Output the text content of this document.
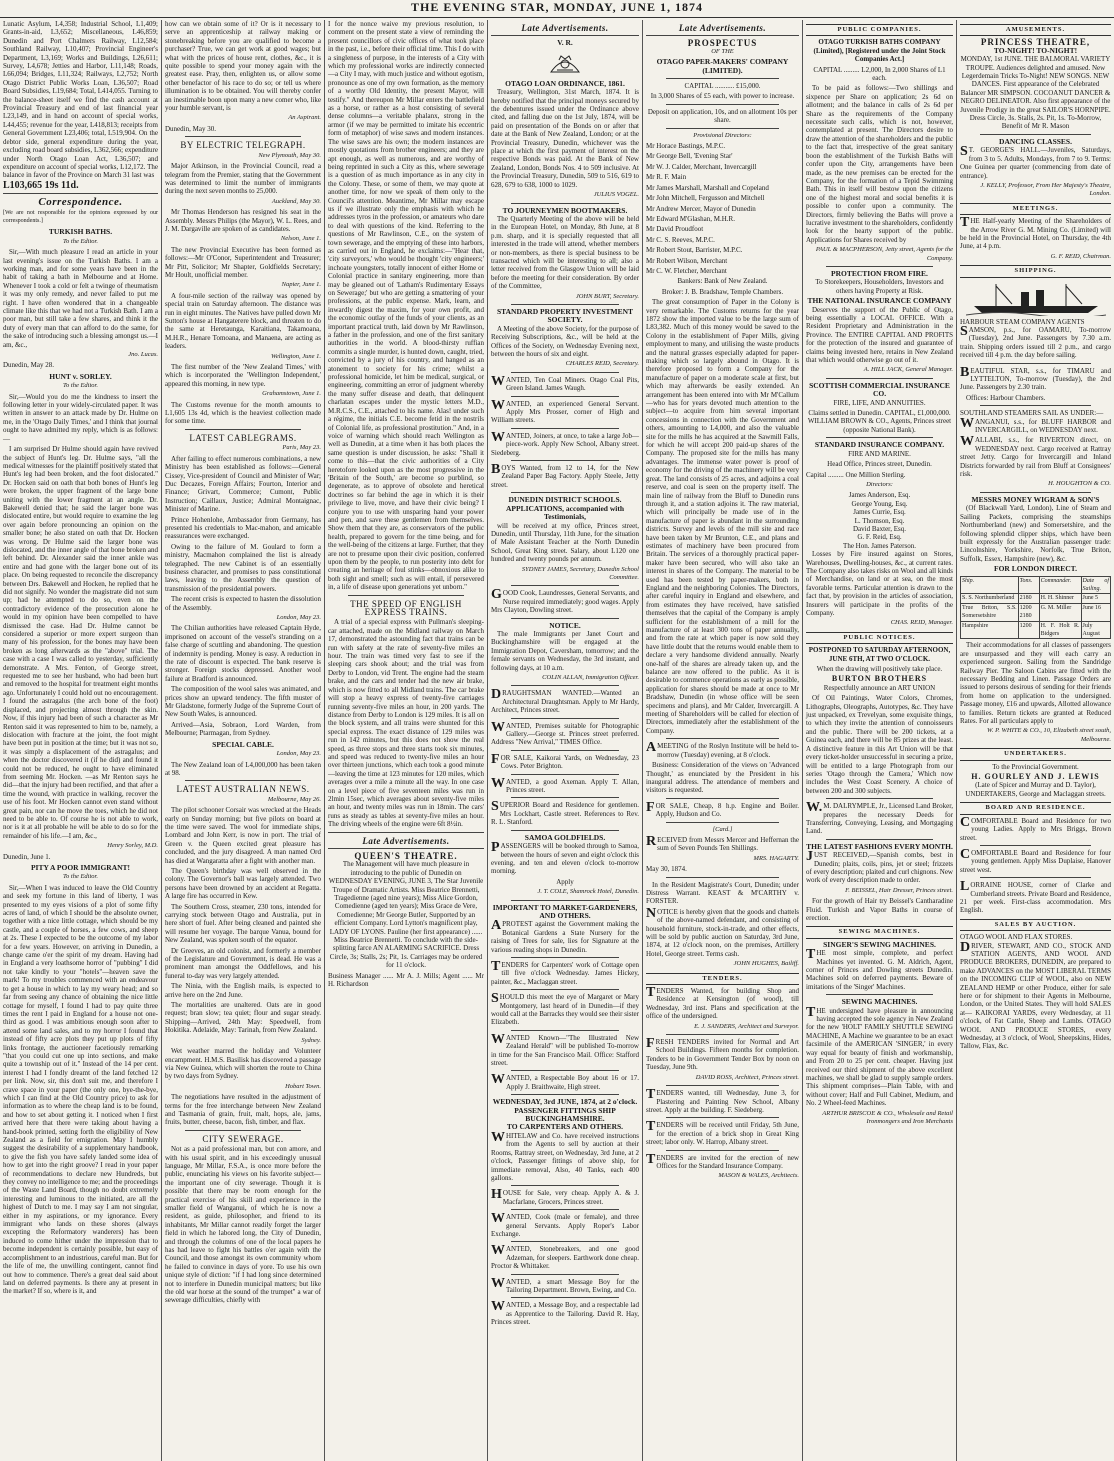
THE EVENING STAR, MONDAY, JUNE 1, 1874

Lunatic Asylum, L4,358; Industrial School, L1,409; Grants-in-aid, L3,652; Miscellaneous, L46,859; Dunedin and Port Chalmers Railway, L12,584; Southland Railway, L10,407; Provincial Engineer's Department, L3,169; Works and Buildings, L26,611; Survey, L4,678; Jetties and Harbor, L11,148; Roads, L66,094; Bridges, L11,324; Railways, L2,752; North Otago District Public Works Loan, L36,507; Road Board Subsidies, L19,684; Total, L414,055. Turning to the balance-sheet itself we find the cash account at Provincial Treasury and end of last financial year L23,149, and in hand on account of special works, L44,455; revenue for the year, L418,813; receipts from General Government L23,406; total, L519,904. On the debtor side, general expenditure during the year, excluding road board subsidies, L362,566; expenditure under North Otago Loan Act, L36,507; and expenditure on account of special works, L12,172. The balance in favor of the Province on March 31 last was

L103,665 19s 11d.

Correspondence.

[We are not responsible for the opinions expressed by our correspondents.]

TURKISH BATHS.
To the Editor.

Sir,—With much pleasure I read an article in your last evening's issue on the Turkish Baths. I am a working man, and for some years have been in the habit of taking a bath in Melbourne and at Home. Whenever I took a cold or felt a twinge of rheumatism it was my only remedy, and never failed to put me right. I have often wondered that in a changeable climate like this that we had not a Turkish Bath. I am a poor man, but still take a few shares, and think it the duty of every man that can afford to do the same, for the sake of introducing such a blessing amongst us.—I am, &c.,

Jno. Lucas.

Dunedin, May 28.

HUNT v. SORLEY.
To the Editor.

Sir,—Would you do me the kindness to insert the following letter in your widely-circulated paper. It was written in answer to an attack made by Dr. Hulme on me, in the 'Otago Daily Times,' and I think that journal ought to have admitted my reply, which is as follows:—

I am surprised Dr Hulme should again have revived the subject of Hunt's leg. Dr. Hulme says, "all the medical witnesses for the plaintiff positively stated that Hunt's leg had been broken, and the foot dislocated." Dr. Hocken said on oath that both bones of Hunt's leg were broken, the upper fragment of the large bone uniting with the lower fragment at an angle. Dr. Bakewell denied that; he said the larger bone was dislocated entire, but would require to examine the leg over again before pronouncing an opinion on the smaller bone; he also stated on oath that Dr. Hocken was wrong. Dr Hulme said the larger bone was dislocated, and the inner angle of that bone broken and left behind. Dr. Alexander said the inner ankle was entire and had gone with the larger bone out of its place. On being requested to reconcile the discrepancy between Drs. Bakewell and Hocken, he replied that he did not signify. No wonder the magistrate did not sum up; had he attempted to do so, even on the contradictory evidence of the prosecution alone he would in my opinion have been compelled to have dismissed the case. Had Dr. Hulme cannot be considered a superior or more expert surgeon than many of his profession, for the bones may have been broken as long afterwards as the "above" trial. The case with a case I was called to yesterday, sufficiently demonstrate. A Mrs. Fenton, of George street, requested me to see her husband, who had been hurt and removed to the hospital for treatment eight months ago. Unfortunately I could hold out no encouragement. I found the astragalus (the arch bone of the foot) displaced, and projecting almost through the skin. Now, if this injury had been of such a character as Mr Renton said it was represented to him to be, namely, a dislocation with fracture at the joint, the foot might have been put in position at the time; but it was not so, it was simply a displacement of the astragalus; and when the doctor discovered it (if he did) and found it could not be reduced, he ought to have eliminated from seeming Mr. Hocken. —as Mr Renton says he did—that the injury had been rectified, and that after a time the wound, with practice in walking, recover the use of his foot. Mr Hocken cannot even stand without great pain, nor can he move the toes, which he did not need to be able to. Of course he is not able to work, nor is it at all probable he will be able to do so for the remainder of his life.—I am, &c.,

Henry Sorley, M.D.

Dunedin, June 1.

PITY A POOR IMMIGRANT!
To the Editor.

Sir,—When I was induced to leave the Old Country and seek my fortune in this land of liberty, I was presented to my eyes visions of a plot of some fifty acres of land, of which I should be the absolute owner, together with a nice little cottage, which should be my castle, and a couple of horses, a few cows, and sheep at 2s. These I expected to be the outcome of my labor for a few years. However, on arriving in Dunedin, a change came o'er the spirit of my dream. Having had in England a very loathsome horror of "pubbing" I did not take kindly to your "hotels"—heaven save the mark! To my troubles commenced with an endeavour to get a house in which to lay my weary head; and so far from seeing any chance of obtaining the nice little cottage for myself, I found I had to pay quite three times the rent I paid in England for a house not one-third as good. I was ambitious enough soon after to attend some land sales, and to my horror I found that instead of fifty acre plots they put up plots of fifty links frontage, the auctioneer facetiously remarking "that you could cut one up into sections, and make quite a township out of it." Instead of the 14 per cent. interest I had I fondly dreamt of the land fetched 12 per link. Now, sir, this don't suit me, and therefore I crave space in your paper (the only one, bye-the-bye, which I can find at the Old Country price) to ask for information as to where the cheap land is to be found, and how to set about getting it. I noticed when I first arrived here that there were taking about having a hand-book printed, setting forth the eligibility of New Zealand as a field for emigration. May I humbly suggest the desirability of a supplementary handbook, to give the fish you have safely landed some idea of how to get into the right groove? I read in your paper of recommendations to declare new Hundreds, but they convey no intelligence to me; and the proceedings of the Waste Land Board, though no doubt extremely interesting and luminous to the initiated, are all the highest of Dutch to me. I may say I am not singular, either in my aspirations, or my ignorance. Every immigrant who lands on these shores (always excepting the Reformatory wanderers) has been induced to come hither under the impression that to become independent is certainly possible, but easy of accomplishment to an industrious, careful man. But for the life of me, the unwilling contingent, cannot find out how to commence. There's a great deal said about land on deferred payments. Is there any at present in the market? If so, where is it, and

how can we obtain some of it? Or is it necessary to serve an apprenticeship at railway making or stonebreaking before you are qualified to become a purchaser? True, we can get work at good wages; but what with the prices of house rent, clothes, &c., it is quite possible to spend your money again with the greatest ease. Pray, then, enlighten us, or allow some other benefactor of his race to do so; or tell us where illumination is to be obtained. You will thereby confer an inestimable boon upon many a new comer who, like your humble servant, is

An Aspirant.

Dunedin, May 30.

BY ELECTRIC TELEGRAPH.
New Plymouth, May 30.

Major Atkinson, in the Provincial Council, read a telegram from the Premier, stating that the Government was determined to limit the number of immigrants during the next seven months to 25,000.

Auckland, May 30.

Mr Thomas Henderson has resigned his seat in the Assembly. Messrs Philips (the Mayor), W. L. Rees, and J. M. Dargaville are spoken of as candidates.

Nelson, June 1.

The new Provincial Executive has been formed as follows:—Mr O'Conor, Superintendent and Treasurer; Mr Pitt, Solicitor; Mr Shapter, Goldfields Secretary; Mr Hoult, unofficial member.

Napier, June 1.

A four-mile section of the railway was opened by special train on Saturday afternoon. The distance was run in eight minutes. The Natives have pulled down Mr Sutton's house at Hangaterere block, and threaten to do the same at Heretaunga, Karaitiana, Takamoana, M.H.R., Henare Tomoana, and Manaena, are acting as leaders.

Wellington, June 1.

The first number of the 'New Zealand Times,' with which is incorporated the 'Wellington Independent,' appeared this morning, in new type.

Grahamstown, June 1.

The Customs revenue for the month amounts to L1,605 13s 4d, which is the heaviest collection made for some time.

LATEST CABLEGRAMS.
Paris, May 23.

After failing to effect numerous combinations, a new Ministry has been established as follows:—General Cissey, Vice-president of Council and Minister of War; Duc Decazes, Foreign Affairs; Fourton, Interior and Finance; Grivart, Commerce; Cumont, Public Instruction; Caillaux, Justice; Admiral Montaignac, Minister of Marine.

Prince Hohenlohe, Ambassador from Germany, has presented his credentials to Mac-mahon, and amicable reassurances were exchanged.

Owing to the failure of M. Goulard to form a ministry, Macmahon complained the list is already telegraphed. The new Cabinet is of an essentially business character, and promises to pass constitutional laws, leaving to the Assembly the question of transmission of the presidential powers.

The recent crisis is expected to hasten the dissolution of the Assembly.

London, May 23.

The Chilian authorities have released Captain Hyde, imprisoned on account of the vessel's stranding on a false charge of scuttling and abandoning. The question of indemnity is pending. Money is easy. A reduction in the rate of discount is expected. The bank reserve is stronger. Foreign stocks depressed. Another wool failure at Bradford is announced.

The composition of the wool sales was animated, and prices show an upward tendency. The fifth muster of Mr Gladstone, formerly Judge of the Supreme Court of New South Wales, is announced.

Arrived—Asia, Sobraon, Lord Warden, from Melbourne; Ptarmagan, from Sydney.

SPECIAL CABLE.
London, May 23.

The New Zealand loan of L4,000,000 has been taken at 98.

LATEST AUSTRALIAN NEWS.
Melbourne, May 26.

The pilot schooner Corsair was wrecked at the Heads early on Sunday morning; but five pilots on board at the time were saved. The wool for immediate ships, Lombard and John Kerr, is now in port. The trial of Green v. the Queen excited great pleasure has concluded, and the jury disagreed. A man named Ord has died at Wangaratta after a fight with another man.

The Queen's birthday was well observed in the colony. The Governor's ball was largely attended. Two persons have been drowned by an accident at Regatta. A large fire has occurred in Kew.

The Southern Cross, steamer, 230 tons, intended for carrying stock between Otago and Australia, put in here short of fuel. After being cleaned and painted she will resume her voyage. The barque Vanua, bound for New Zealand, was spoken south of the equator.

Dr Greeves, an old colonist, and formerly a member of the Legislature and Government, is dead. He was a prominent man amongst the Oddfellows, and his funeral to-day was very largely attended.

The Ninia, with the English mails, is expected to arrive here on the 2nd June.

The mortalities are unaltered. Oats are in good request; bran slow; tea quiet; flour and sugar steady. Shipping—Arrived, 24th May: Speedwell, from Hokitika. Adelaide, May: Tarinah, from New Zealand.

Sydney.

Wet weather marred the holiday and Volunteer encampment. H.M.S. Basilisk has discovered a passage via New Guinea, which will shorten the route to China by two days from Sydney.

Hobart Town.

The negotiations have resulted in the adjustment of terms for the free interchange between New Zealand and Tasmania of grain, fruit, malt, hops, ale, jams, fruits, butter, cheese, bacon, fish, timber, and flax.

CITY SEWERAGE.

Not as a paid professional man, but con amore, and with his usual spirit, and in his exceedingly unusual language, Mr Millar, F.S.A., is once more before the public, enunciating his views on his favorite subject—the important one of city sewerage. Though it is possible that there may be room enough for the practical exercise of his skill and experience in the smaller field of Wanganui, of which he is now a resident, as guide, philosopher, and friend to its inhabitants, Mr Millar cannot readily forget the larger field in which he labored long, the City of Dunedin, and through the columns of one of the local papers he has had leave to fight his battles o'er again with the Council, and those amongst its own community whom he failed to convince in days of yore. To use his own unique style of diction: "if I had long since determined not to interfere in Dunedin municipal matters; but like the old war horse at the sound of the trumpet" a war of sewerage difficulties, chiefly with

I for the nonce waive my previous resolution, to comment on the present state a view of reminding the present councillors of civic offices of what took place in the past, i.e., before their official time. This I do with a singleness of purpose, in the interests of a City with which my professional works are indirectly connected—a City I may, with much justice and without egotism, pronounce as one of my own formation, as the memory of a worthy Old Identity, the present Mayor, will testify." And thereupon Mr Millar enters the battlefield as a horse, or rather as a host consisting of several dense columns—a veritable phalanx, strong in the armor (if we may be permitted to imitate his eccentric form of metaphor) of wise saws and modern instances. The wise saws are his own; the modern instances are mostly quotations from brother engineers; and they are apt enough, as well as numerous, and are worthy of being reprinted in such a City as this, where sewerage is a question of as much importance as in any city in the Colony. These, or some of them, we may quote at another time, for now we speak of them only to the Council's attention. Meantime, Mr Millar may escape us if we illustrate only the emphasis with which he addresses tyros in the profession, or amateurs who dare to deal with questions of the kind. Referring to the questions of Mr Rawlinson, C.E., on the system of town sewerage, and the emptying of these into harbors, as carried out in England, he exclaims:—"Hear that, 'city surveyors,' who would be thought 'city engineers;' inchoate youngsters, totally innocent of either Home or Colonial practice in sanitary engineering, more than may be gleaned out of 'Latham's Rudimentary Essays on Sewerage;' but who are getting a smattering of your professions, at the public expense. Mark, learn, and inwardly digest the maxim, for your own profit, and the economic outlay of the funds of your clients, as an important practical truth, laid down by Mr Rawlinson, a father in the profession, and one of the first sanitary authorities in the world. A blood-thirsty ruffian commits a single murder, is hunted down, caught, tried, convicted by a jury of his country, and hanged as an atonement to society for his crime; whilst a professional homicide, let him be medical, surgical, or engineering, committing an error of judgment whereby the many suffer disease and death, that delinquent charlatan escapes under the mystic letters M.D., M.R.C.S., C.E., attached to his name. Alas! under such a régime, the initials C.E. become fetid in the nostrils of Colonial life, as professional prostitution." And, in a voice of warning which should reach Wellington as well as Dunedin, at a time when it has both places the same question is under discussion, he asks: "Shall it come to this—that the civic authorities of a City heretofore looked upon as the most progressive in the 'Britain of the South,' are become so purblind, so degenerate, as to approve of obsolete and heretical doctrines so far behind the age in which it is their privilege to live, move, and have their civic being? I conjure you to use with unsparing hand your power and pen, and save these gentlemen from themselves. Show them that they are, as conservators of the public health, prepared to govern for the time being, and for the well-being of the citizens at large. Further, that they are not to presume upon their civic position, conferred upon them by the people, to run posterity into debt for creating an heritage of foul stinks—obnoxious alike to both sight and smell; such as will entail, if persevered in, a life of disease upon generations yet unborn."

THE SPEED OF ENGLISH EXPRESS TRAINS.

A trial of a special express with Pullman's sleeping-car attached, made on the Midland railway on March 17, demonstrated the astounding fact that trains can be run with safety at the rate of seventy-five miles an hour. The train was timed very fast to see if the sleeping cars shook about; and the trial was from Derby to London, vid Trent. The engine had the steam brake, and the cars and tender had the new air brake, which is now fitted to all Midland trains. The car brake will stop a heavy express of twenty-five carriages running seventy-five miles an hour, in 200 yards. The distance from Derby to London is 129 miles. It is all on the block system, and all trains were shunted for this special express. The exact distance of 129 miles was run in 142 minutes, but this does not show the real speed, as three stops and three starts took six minutes, and speed was reduced to twenty-five miles an hour over thirteen junctions, which each took a good minute—leaving the time at 123 minutes for 120 miles, which averages over a mile a minute all the way. In one case on a level piece of five seventeen miles was run in 2lmin 15sec, which averages about seventy-five miles an hour, and twenty miles was run in 18min. The cars' runs as steady as tables at seventy-five miles an hour. The driving wheels of the engine were 6ft 8½in.

Late Advertisements.
QUEEN'S THEATRE.

The Management will have much pleasure in introducing to the public of Dunedin on WEDNESDAY EVENING, JUNE 3, The Star Juvenile Troupe of Dramatic Artists. Miss Beatrice Brennetti, Tragedienne (aged nine years); Miss Alice Gordon, Comedienne (aged ten years); Miss Grace de Vere, Comedienne; Mr George Butler, Supported by an efficient Company. Lord Lytton's magnificent play, LADY OF LYONS. Pauline (her first appearance) ...... Miss Beatrice Brennetti. To conclude with the side-splitting farce AN ALARMING SACRIFICE. Dress Circle, 3s; Stalls, 2s; Pit, 1s. Carriages may be ordered for 11 o'clock.

Business Manager ...... Mr A. J. Mills; Agent ...... Mr H. Richardson

Late Advertisements.
V. R.
OTAGO LOAN ORDINANCE, 1861.

Treasury, Wellington, 31st March, 1874. It is hereby notified that the principal moneys secured by the debentures issued under the Ordinance above cited, and falling due on the 1st July, 1874, will be paid on presentation of the Bonds on or after that date at the Bank of New Zealand, London; or at the Provincial Treasury, Dunedin, whichever was the place at which the first payment of interest on the respective Bonds was paid. At the Bank of New Zealand, London, Bonds Nos. 4 to 509 inclusive. At the Provincial Treasury, Dunedin, 509 to 516, 619 to 628, 679 to 638, 1000 to 1029.

JULIUS VOGEL.
TO JOURNEYMEN BOOTMAKERS.

The Quarterly Meeting of the above will be held in the European Hotel, on Monday, 8th June, at 8 p.m. sharp, and it is specially requested that all interested in the trade will attend, whether members or non-members, as there is special business to be transacted which will be interesting to all; also a letter received from the Glasgow Union will be laid before the meeting for their consideration. By order of the Committee,

JOHN BURT, Secretary.
STANDARD PROPERTY INVESTMENT SOCIETY.

A Meeting of the above Society, for the purpose of Receiving Subscriptions, &c., will be held at the Offices of the Society, on Wednesday Evening next, between the hours of six and eight.

CHARLES REID, Secretary.

WANTED, Ten Coal Miners. Otago Coal Pits, Green Island. James Waugh.

WANTED, an experienced General Servant. Apply Mrs Prosser, corner of High and William streets.

WANTED, Joiners, at once, to take a large Job—piece-work. Apply New School, Albany street. Siedeberg.

BOYS Wanted, from 12 to 14, for the New Zealand Paper Bag Factory. Apply Steele, Jetty street.

DUNEDIN DISTRICT SCHOOLS. APPLICATIONS, accompanied with Testimonials,

will be received at my office, Princes street, Dunedin, until Thursday, 11th June, for the situation of Male Assistant Teacher at the North Dunedin School, Great King street. Salary, about L120 one hundred and twenty pounds per annum.

SYDNEY JAMES, Secretary, Dunedin School Committee.

GOOD Cook, Laundresses, General Servants, and Nurse required immediately; good wages. Apply Mrs Clayton, Dowling street.

NOTICE.

The male Immigrants per Janet Court and Buckinghamshire will be engaged at the Immigration Depot, Caversham, tomorrow; and the female servants on Wednesday, the 3rd instant, and following days, at 10 a.m.

COLIN ALLAN, Immigration Officer.

DRAUGHTSMAN WANTED.—Wanted an Architectural Draughtsman. Apply to Mr Hardy, Architect, Princes street.

WANTED, Premises suitable for Photographic Gallery.—George st. Princes street preferred. Address "New Arrival," TIMES Office.

FOR SALE, Kaikorai Yards, on Wednesday, 23 Cows. Peter Brighton.

WANTED, a good Axeman. Apply T. Allan, Princes street.

SUPERIOR Board and Residence for gentlemen. Mrs Lockhart, Castle street. References to Rev. R. L. Stanford.

SAMOA GOLDFIELDS.

PASSENGERS will be booked through to Samoa, between the hours of seven and eight o'clock this evening, and ten and eleven o'clock to-morrow morning.

Apply

J. T. COLE, Shamrock Hotel, Dunedin.
IMPORTANT TO MARKET-GARDENERS, AND OTHERS.

APROTEST against the Government making the Botanical Gardens a State Nursery for the raising of Trees for sale, lies for Signature at the various reading shops in Dunedin.

TENDERS for Carpenters' work of Cottage open till five o'clock Wednesday. James Hickey, painter, &c., Maclaggan street.

SHOULD this meet the eye of Margaret or Mary Montgomery, last heard of in Dunedin—if they would call at the Barracks they would see their sister Elizabeth.

WANTED Known—"The Illustrated New Zealand Herald" will be published To-morrow in time for the San Francisco Mail. Office: Stafford street.

WANTED, a Respectable Boy about 16 or 17. Apply J. Braithwaite, High street.

WEDNESDAY, 3rd JUNE, 1874, at 2 o'clock.
PASSENGER FITTINGS SHIP BUCKINGHAMSHIRE.
TO CARPENTERS AND OTHERS.

WHITELAW and Co. have received instructions from the Agents to sell by auction at their Rooms, Rattray street, on Wednesday, 3rd June, at 2 o'clock, Passenger fittings of above ship, for immediate removal, Also, 40 Tanks, each 400 gallons.

HOUSE for Sale, very cheap. Apply A. & J. Macfarlane, Grocers, Princes street.

WANTED, Cook (male or female), and three general Servants. Apply Roper's Labor Exchange.

WANTED, Stonebreakers, and one good Adzeman, for sleepers. Earthwork done cheap. Proctor & Whittaker.

WANTED, a smart Message Boy for the Tailoring Department. Brown, Ewing, and Co.

WANTED, a Message Boy, and a respectable lad as Apprentice to the Tailoring. David R. Hay, Princes street.

Late Advertisements.
PROSPECTUS
OF THE
OTAGO PAPER-MAKERS' COMPANY (LIMITED).

CAPITAL ........... £15,000.

In 3,000 Shares of £5 each, with power to increase.

Deposit on application, 10s, and on allotment 10s per share.

Provisional Directors:

Mr Horace Bastings, M.P.C.

Mr George Bell, 'Evening Star'

Mr W. J. Calder, Merchant, Invercargill

Mr R. F. Main

Mr James Marshall, Marshall and Copeland

Mr John Mitchell, Fergusson and Mitchell

Mr Andrew Mercer, Mayor of Dunedin

Mr Edward M'Glashan, M.H.R.

Mr David Proudfoot

Mr C. S. Reeves, M.P.C.

Mr Robert Stout, Barrister, M.P.C.

Mr Robert Wilson, Merchant

Mr C. W. Fletcher, Merchant

Bankers: Bank of New Zealand.

Broker: J. B. Bradshaw, Temple Chambers.

The great consumption of Paper in the Colony is very remarkable. The Customs returns for the year 1872 show the imported value to be the large sum of L83,382. Much of this money would be saved to the Colony in the establishment of Paper Mills, giving employment to many, and utilising the waste products and the natural grasses especially adapted for paper-making which so largely abound in Otago. It is therefore proposed to form a Company for the manufacture of paper on a moderate scale at first, but which may afterwards be easily extended. An arrangement has been entered into with Mr M'Callum—who has for years devoted much attention to the subject—to acquire from him several important concessions in connection with the Government and others, amounting to L4,000, and also the valuable site for the mills he has acquired at the Sawmill Falls, for which he will accept 200 paid-up shares of the Company. The proposed site for the mills has many advantages. The immense water power is proof of economy for the driving of the machinery will be very great. The land consists of 25 acres, and adjoins a coal reserve, and coal is seen on the property itself. The main line of railway from the Bluff to Dunedin runs through it, and a station adjoins it. The raw material, which will principally be made use of in the manufacture of paper is abundant in the surrounding districts. Survey and levels of the mill site and race have been taken by Mr Brunton, C.E., and plans and estimates of machinery have been procured from Britain. The services of a thoroughly practical paper-maker have been secured, who will also take an interest in shares of the Company. The material to be used has been tested by paper-makers, both in England and the neighboring Colonies. The Directors, after careful inquiry in England and elsewhere, and from estimates they have received, have satisfied themselves that the capital of the Company is amply sufficient for the establishment of a mill for the manufacture of at least 300 tons of paper annually, and from the rate at which paper is now sold they have little doubt that the returns would enable them to declare a very handsome dividend annually. Nearly one-half of the shares are already taken up, and the balance are now offered to the public. As it is desirable to commence operations as early as possible, application for shares should be made at once to Mr Bradshaw, Dunedin (in whose office will be seen specimens and plans), and Mr Calder, Invercargill. A meeting of Shareholders will be called for election of Directors, immediately after the establishment of the Company.

AMEETING of the Roslyn Institute will be held to-morrow (Tuesday) evening, at 8 o'clock.

Business: Consideration of the views on 'Advanced Thought,' as enunciated by the President in his inaugural address. The attendance of members and visitors is requested.

FOR SALE, Cheap, 8 h.p. Engine and Boiler. Apply, Hudson and Co.

[Card.]

RECEIVED from Messrs Mercer and Heffernan the sum of Seven Pounds Ten Shillings.

MRS. HAGARTY.

May 30, 1874.

In the Resident Magistrate's Court, Dunedin; under Distress Warrant. KEAST & M'CARTHY v. FORSTER.

NOTICE is hereby given that the goods and chattels of the above-named defendant, and consisting of household furniture, stock-in-trade, and other effects, will be sold by public auction on Saturday, 3rd June, 1874, at 12 o'clock noon, on the premises, Artillery Hotel, George street. Terms cash.

JOHN HUGHES, Bailiff.
TENDERS.

TENDERS Wanted, for building Shop and Residence at Kensington (of wood), till Wednesday, 3rd inst. Plans and specification at the office of the undersigned.

E. J. SANDERS, Architect and Surveyor.

FRESH TENDERS invited for Normal and Art School Buildings. Fifteen months for completion. Tenders to be in Government Tender Box by noon on Tuesday, June 9th.

DAVID ROSS, Architect, Princes street.

TENDERS wanted, till Wednesday, June 3, for Plastering and Painting New School, Albany street. Apply at the building. F. Siedeberg.

TENDERS will be received until Friday, 5th June, for the erection of a brick shop in Great King street; labor only. W. Harrop, Albany street.

TENDERS are invited for the erection of new Offices for the Standard Insurance Company.

MASON & WALES, Architects.
PUBLIC COMPANIES.

OTAGO TURKISH BATHS COMPANY (Limited), [Registered under the Joint Stock Companies Act.]

CAPITAL ......... L2,000, In 2,000 Shares of L1 each.

To be paid as follows:—Two shillings and sixpence per Share on application; 2s 6d on allotment; and the balance in calls of 2s 6d per Share as the requirements of the Company necessitate such calls, which is not, however, contemplated at present. The Directors desire to draw the attention of the shareholders and the public to the fact that, irrespective of the great sanitary boon the establishment of the Turkish Baths will confer upon the City, arrangements have been made, as the new premises can be erected for the Company, for the formation of a Tepid Swimming Bath. This in itself will bestow upon the citizens one of the highest moral and social benefits it is possible to confer upon a community. The Directors, firmly believing the Baths will prove a lucrative investment to the shareholders, confidently look for the hearty support of the public. Applications for Shares received by

PAUL & MACPHERSON, Jetty street, Agents for the Company.
PROTECTION FROM FIRE.

To Storekeepers, Householders, Investors and others having Property at Risk.

THE NATIONAL INSURANCE COMPANY

Deserves the support of the Public of Otago, being essentially a LOCAL OFFICE. With a Resident Proprietary and Administration in the Province. The ENTIRE CAPITAL AND PROFITS for the protection of the insured and guarantee of claims being invested here, retains in New Zealand that which would otherwise go out of it.

A. HILL JACK, General Manager.
SCOTTISH COMMERCIAL INSURANCE CO.

FIRE, LIFE, AND ANNUITIES.

Claims settled in Dunedin. CAPITAL, £1,000,000. WILLIAM BROWN & CO., Agents, Princes street (opposite National Bank).

STANDARD INSURANCE COMPANY.

FIRE AND MARINE.

Head Office, Princes street, Dunedin.

Capital ......... One Million Sterling.

Directors:
James Anderson, Esq.
George Young, Esq.
James Currie, Esq.
L. Thomson, Esq.
David Baxter, Esq.
G. F. Reid, Esq.
The Hon. James Paterson.

Losses by Fire insured against on Stores, Warehouses, Dwelling-houses, &c., at current rates. The Company also takes risks on Wool and all kinds of Merchandise, on land or at sea, on the most favorable terms. Particular attention is drawn to the fact that, by provision in the articles of association, Insurers will participate in the profits of the Company.

CHAS. REID, Manager.
PUBLIC NOTICES.

POSTPONED TO SATURDAY AFTERNOON, JUNE 6TH, AT TWO O'CLOCK.

When the drawing will positively take place.

BURTON BROTHERS

Respectfully announce an ART UNION

Of Oil Paintings, Water Colors, Chromes, Lithographs, Oleographs, Autotypes, &c. They have just unpacked, ex Trevelyan, some exquisite things, to which they invite the attention of connoisseurs and the public. There will be 200 tickets, at a Guinea each, and there will be 85 prizes at the least. A distinctive feature in this Art Union will be that every ticket-holder unsuccessful in securing a prize, will be entitled to a large Photograph from our series 'Otago through the Camera,' Which now includes the West Coast Scenery. A choice of between 200 and 300 subjects.

W.M. DALRYMPLE, Jr., Licensed Land Broker, prepares the necessary Deeds for Transferring, Conveying, Leasing, and Mortgaging Land.

THE LATEST FASHIONS EVERY MONTH.

JUST RECEIVED,—Spanish combs, best in Dunedin; plaits, coils, pins, jet or steel; frizzets of every description; plaited and curl chignons. New work of every description made to order.

F. BEISSEL, Hair Dresser, Princes street.

For the growth of Hair try Beissel's Cantharadine Fluid. Turkish and Vapor Baths in course of erection.

SEWING MACHINES.
SINGER'S SEWING MACHINES.

THE most simple, complete, and perfect Machines yet invented. G. M. Aldrich, Agent, corner of Princes and Dowling streets Dunedin. Machines sold on deferred payments. Beware of imitations of the 'Singer' Machines.

SEWING MACHINES.

THE undersigned have pleasure in announcing having accepted the sole agency in New Zealand for the new 'HOLT' FAMILY SHUTTLE SEWING MACHINE, A Machine we guarantee to be an exact facsimile of the AMERICAN 'SINGER,' in every way equal for beauty of finish and workmanship, and From 20 to 25 per cent. cheaper. Having just received our third shipment of the above excellent machines, we shall be glad to supply sample orders. This shipment comprises—Plain Table, with and without cover; Half and Full Cabinet, Medium, and No. 2 Wheel-feed Machines.

ARTHUR BRISCOE & CO., Wholesale and Retail Ironmongers and Iron Merchants
AMUSEMENTS.
PRINCESS THEATRE,
TO-NIGHT! TO-NIGHT!

MONDAY, 1st JUNE. THE BALMORAL VARIETY TROUPE. Audiences delighted and amused. New Legerdemain Tricks To-Night! NEW SONGS. NEW DANCES. First appearance of the Celebrated Balancer MR SIMPSON. COCOANUT DANCER & NEGRO DELINEATOR. Also first appearance of the Juvenile Prodigy in the great SAILOR'S HORNPIPE. Dress Circle, 3s. Stalls, 2s. Pit, 1s. To-Morrow, Benefit of Mr R. Mason

DANCING CLASSES.

ST. GEORGE'S HALL.—Juveniles, Saturdays, from 3 to 5. Adults, Mondays, from 7 to 9. Terms: One Guinea per quarter (commencing from date of entrance).

J. KELLY, Professor, From Her Majesty's Theatre, London.
MEETINGS.

THE Half-yearly Meeting of the Shareholders of the Arrow River G. M. Mining Co. (Limited) will be held in the Provincial Hotel, on Thursday, the 4th June, at 4 p.m.

G. F. REID, Chairman.
SHIPPING.
HARBOUR STEAM COMPANY AGENTS

SAMSON, p.s., for OAMARU, To-morrow (Tuesday), 2nd June. Passengers by 7.30 a.m. train. Shipping orders issued till 2 p.m., and cargo received till 4 p.m. the day before sailing.

BEAUTIFUL STAR, s.s., for TIMARU and LYTTELTON, To-morrow (Tuesday), the 2nd June. Passengers by 2.30 train.

Offices: Harbour Chambers.

SOUTHLAND STEAMERS SAIL AS UNDER:—

WANGANUI, s.s., for BLUFF HARBOR and INVERCARGILL, on WEDNESDAY next.

WALLABI, s.s., for RIVERTON direct, on WEDNESDAY next. Cargo received at Rattray street Jetty. Cargo for Invercargill and Inland Districts forwarded by rail from Bluff at Consignees' risk.

H. HOUGHTON & CO.
MESSRS MONEY WIGRAM & SON'S

(Of Blackwall Yard, London), Line of Steam and Sailing Packets, comprising the steamships Northumberland (new) and Somersetshire, and the following splendid clipper ships, which have been built expressly for the Australian passenger trade: Lincolnshire, Yorkshire, Norfolk, True Briton, Suffolk, Essex, Hampshire (new), &c.

FOR LONDON DIRECT.
Ship.	Tons.	Commander.	Date of Sailing.
S. S. Northumberland	2180	H. H. Shinner	June 5
True Briton, S.S. Somersetshire	1200 2180	G. M. Miller	June 16
Hampshire	1200	H. F. Holt R. Bidgers	July August

Their accommodations for all classes of passengers are unsurpassed and they will each carry an experienced surgeon. Sailing from the Sandridge Railway Pier. The Saloon Cabins are fitted with the necessary Bedding and Linen. Passage Orders are issued to persons desirous of sending for their friends from home on application to the undersigned. Passage money, £16 and upwards, Allotted allowance to families. Return tickets are granted at Reduced Rates. For all particulars apply to

W. P. WHITE & CO., 10, Elizabeth street south, Melbourne.
UNDERTAKERS.

To the Provincial Government.

H. GOURLEY AND J. LEWIS

(Late of Spicer and Murray and D. Taylor), UNDERTAKERS, George and Maclaggan streets.

BOARD AND RESIDENCE.

COMFORTABLE Board and Residence for two young Ladies. Apply to Mrs Briggs, Brown street.

COMFORTABLE Board and Residence for four young gentlemen. Apply Miss Duplaise, Hanover street west.

LORRAINE HOUSE, corner of Clarke and Cumberland streets. Private Board and Residence, 21 per week. First-class accommodation. Mrs English.

SALES BY AUCTION.
OTAGO WOOL AND FLAX STORES.

DRIVER, STEWART, AND CO., STOCK AND STATION AGENTS, AND WOOL AND PRODUCE BROKERS, DUNEDIN, are prepared to make ADVANCES on the MOST LIBERAL TERMS on the INCOMING CLIP of WOOL, also on NEW ZEALAND HEMP or other Produce, either for sale here or for shipment to their Agents in Melbourne, London, or the United States. They will hold SALES at— KAIKORAI YARDS, every Wednesday, at 11 o'clock, of Fat Cattle, Sheep and Lambs. OTAGO WOOL AND PRODUCE STORES, every Wednesday, at 3 o'clock, of Wool, Sheepskins, Hides, Tallow, Flax, &c.
